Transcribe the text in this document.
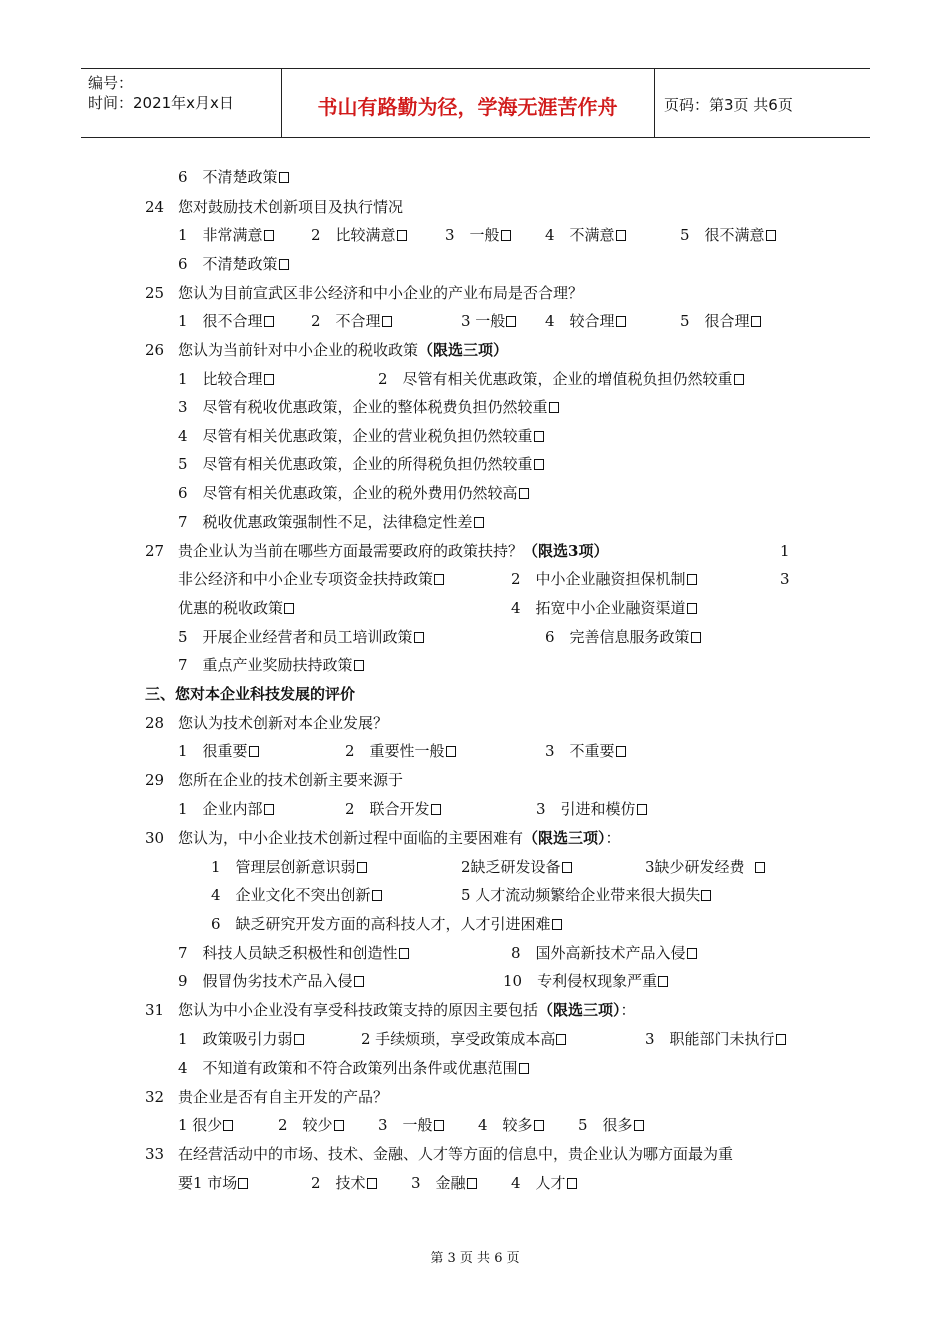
编号：
时间：2021年x月x日	书山有路勤为径，学海无涯苦作舟	页码：第3页 共6页
6　不清楚政策
24 您对鼓励技术创新项目及执行情况
1　非常满意	2　比较满意	3　一般	4　不满意	5　很不满意
6　不清楚政策
25 您认为目前宣武区非公经济和中小企业的产业布局是否合理？
1　很不合理	2　不合理	3 一般	4　较合理	5　很合理
26 您认为当前针对中小企业的税收政策（限选三项）
1　比较合理	2　尽管有相关优惠政策，企业的增值税负担仍然较重
3　尽管有税收优惠政策，企业的整体税费负担仍然较重
4　尽管有相关优惠政策，企业的营业税负担仍然较重
5　尽管有相关优惠政策，企业的所得税负担仍然较重
6　尽管有相关优惠政策，企业的税外费用仍然较高
7　税收优惠政策强制性不足，法律稳定性差
27 贵企业认为当前在哪些方面最需要政府的政策扶持？（限选3项）	1
非公经济和中小企业专项资金扶持政策	2　中小企业融资担保机制	3
优惠的税收政策	4　拓宽中小企业融资渠道
5　开展企业经营者和员工培训政策	6　完善信息服务政策
7　重点产业奖励扶持政策
三、您对本企业科技发展的评价
28 您认为技术创新对本企业发展？
1　很重要	2　重要性一般	3　不重要
29 您所在企业的技术创新主要来源于
1　企业内部	2　联合开发	3　引进和模仿
30 您认为，中小企业技术创新过程中面临的主要困难有（限选三项）：
1　管理层创新意识弱	2缺乏研发设备	3缺少研发经费
4　企业文化不突出创新	5 人才流动频繁给企业带来很大损失
6　缺乏研究开发方面的高科技人才，人才引进困难
7　科技人员缺乏积极性和创造性	8　国外高新技术产品入侵
9　假冒伪劣技术产品入侵	10　专利侵权现象严重
31 您认为中小企业没有享受科技政策支持的原因主要包括（限选三项）：
1　政策吸引力弱	2 手续烦琐，享受政策成本高	3　职能部门未执行
4　不知道有政策和不符合政策列出条件或优惠范围
32 贵企业是否有自主开发的产品？
1 很少	2　较少	3　一般	4　较多	5　很多
33 在经营活动中的市场、技术、金融、人才等方面的信息中，贵企业认为哪方面最为重
要1 市场	2　技术	3　金融	4　人才
第 3 页 共 6 页
